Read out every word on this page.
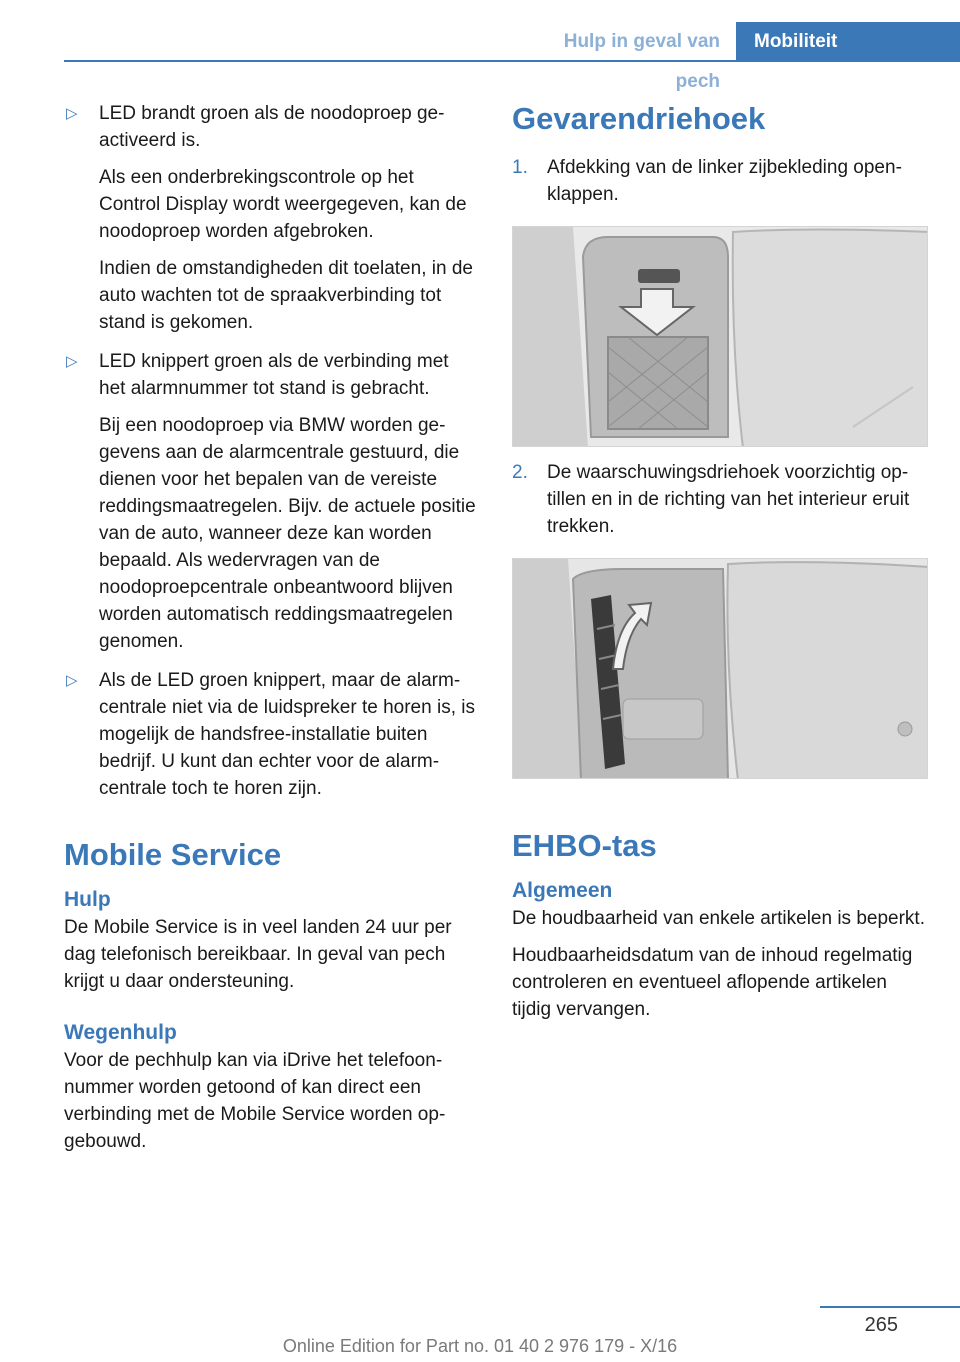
Hulp in geval van pech
Mobiliteit
▷ LED brandt groen als de noodoproep geactiveerd is.
Als een onderbrekingscontrole op het Control Display wordt weergegeven, kan de noodoproep worden afgebroken.
Indien de omstandigheden dit toelaten, in de auto wachten tot de spraakverbinding tot stand is gekomen.
▷ LED knippert groen als de verbinding met het alarmnummer tot stand is gebracht.
Bij een noodoproep via BMW worden gegevens aan de alarmcentrale gestuurd, die dienen voor het bepalen van de vereiste reddingsmaatregelen. Bijv. de actuele positie van de auto, wanneer deze kan worden bepaald. Als wedervragen van de noodoproepcentrale onbeantwoord blijven worden automatisch reddingsmaatregelen genomen.
▷ Als de LED groen knippert, maar de alarmcentrale niet via de luidspreker te horen is, is mogelijk de handsfree-installatie buiten bedrijf. U kunt dan echter voor de alarmcentrale toch te horen zijn.
Mobile Service
Hulp
De Mobile Service is in veel landen 24 uur per dag telefonisch bereikbaar. In geval van pech krijgt u daar ondersteuning.
Wegenhulp
Voor de pechhulp kan via iDrive het telefoonnummer worden getoond of kan direct een verbinding met de Mobile Service worden opgebouwd.
Gevarendriehoek
1. Afdekking van de linker zijbekleding openklappen.
2. De waarschuwingsdriehoek voorzichtig optillen en in de richting van het interieur eruit trekken.
EHBO-tas
Algemeen
De houdbaarheid van enkele artikelen is beperkt.
Houdbaarheidsdatum van de inhoud regelmatig controleren en eventueel aflopende artikelen tijdig vervangen.
265
Online Edition for Part no. 01 40 2 976 179 - X/16
